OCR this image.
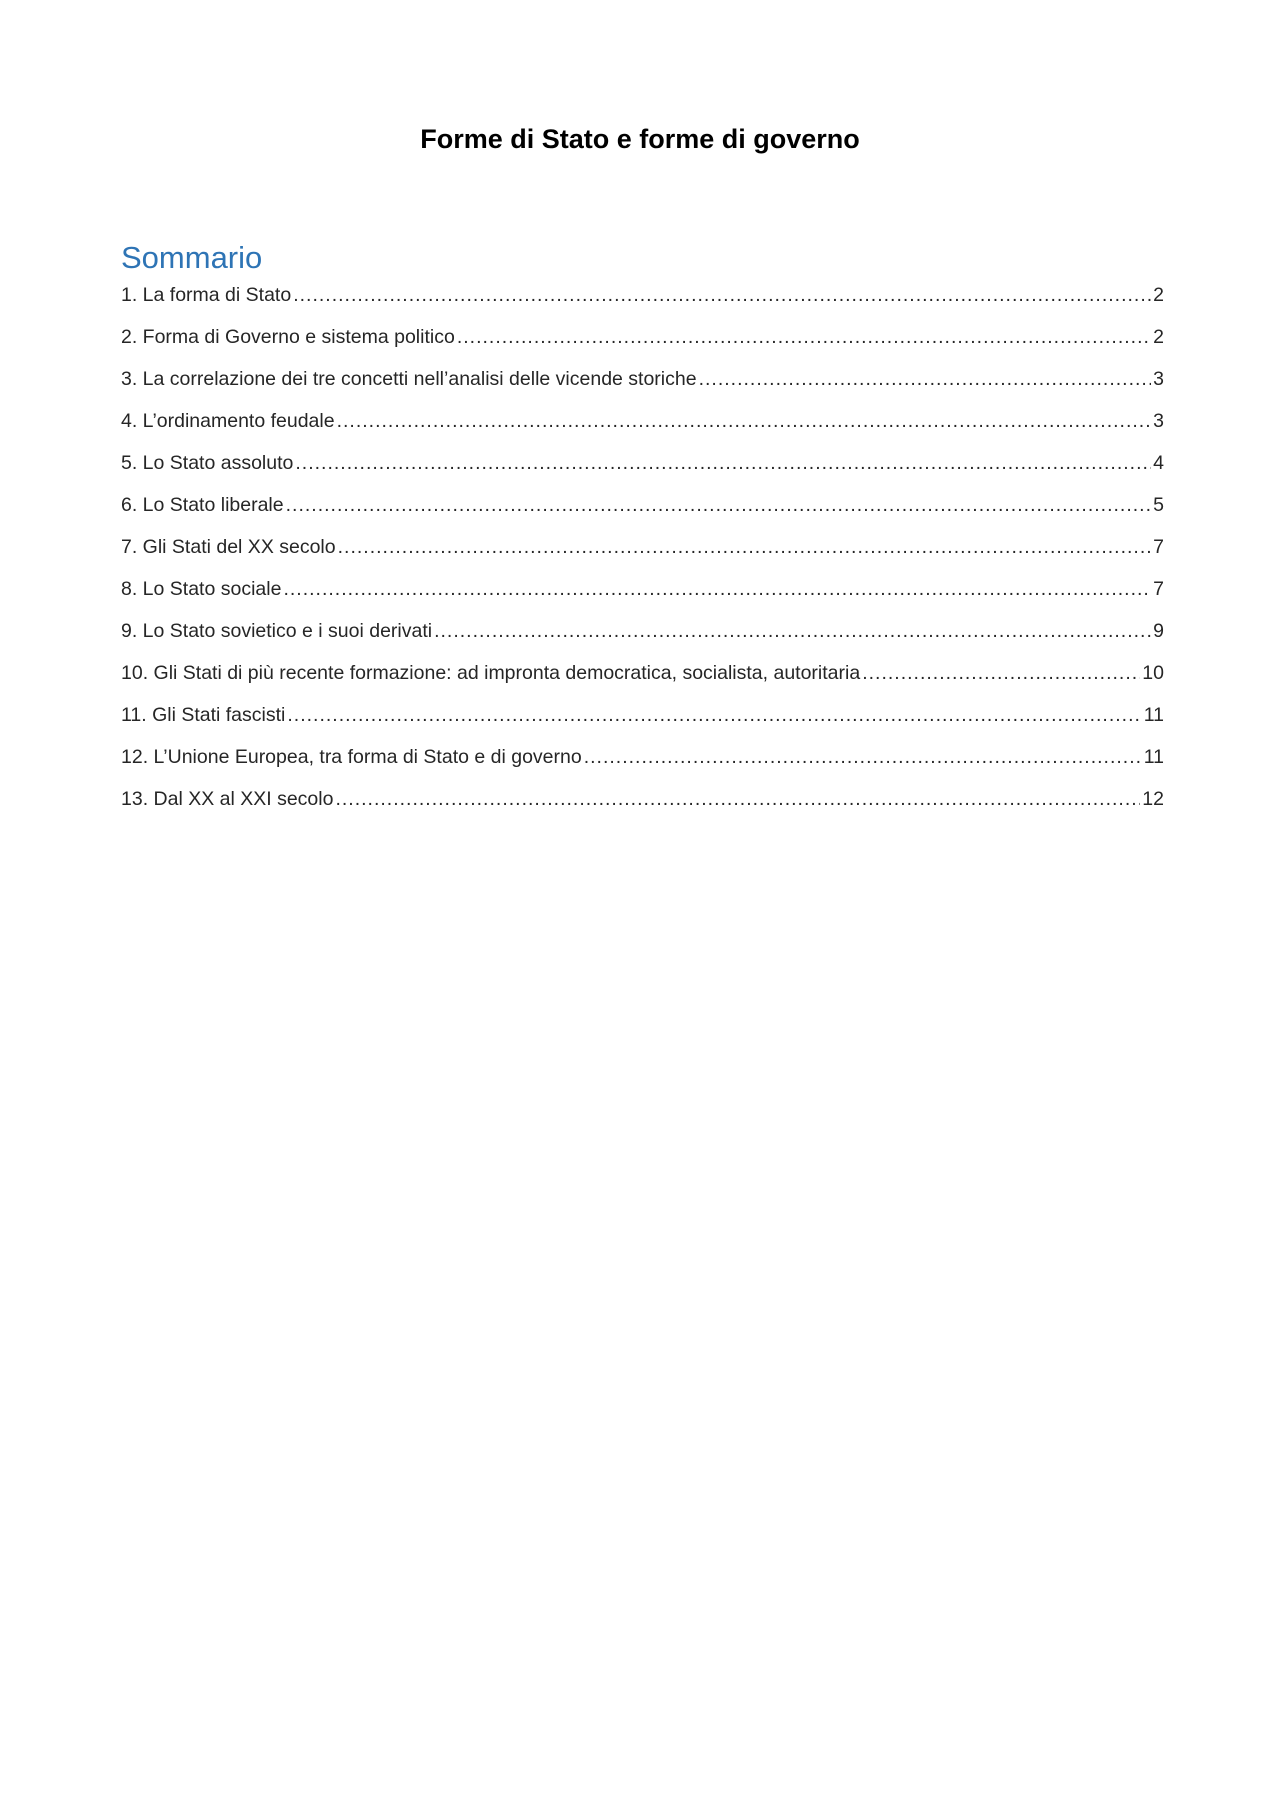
Forme di Stato e forme di governo
Sommario
1. La forma di Stato .....	2
2. Forma di Governo e sistema politico .....	2
3. La correlazione dei tre concetti nell’analisi delle vicende storiche .....	3
4. L’ordinamento feudale .....	3
5. Lo Stato assoluto .....	4
6. Lo Stato liberale .....	5
7. Gli Stati del XX secolo .....	7
8. Lo Stato sociale .....	7
9. Lo Stato sovietico e i suoi derivati .....	9
10. Gli Stati di più recente formazione: ad impronta democratica, socialista, autoritaria .....	10
11. Gli Stati fascisti .....	11
12. L’Unione Europea, tra forma di Stato e di governo .....	11
13. Dal XX al XXI secolo .....	12
